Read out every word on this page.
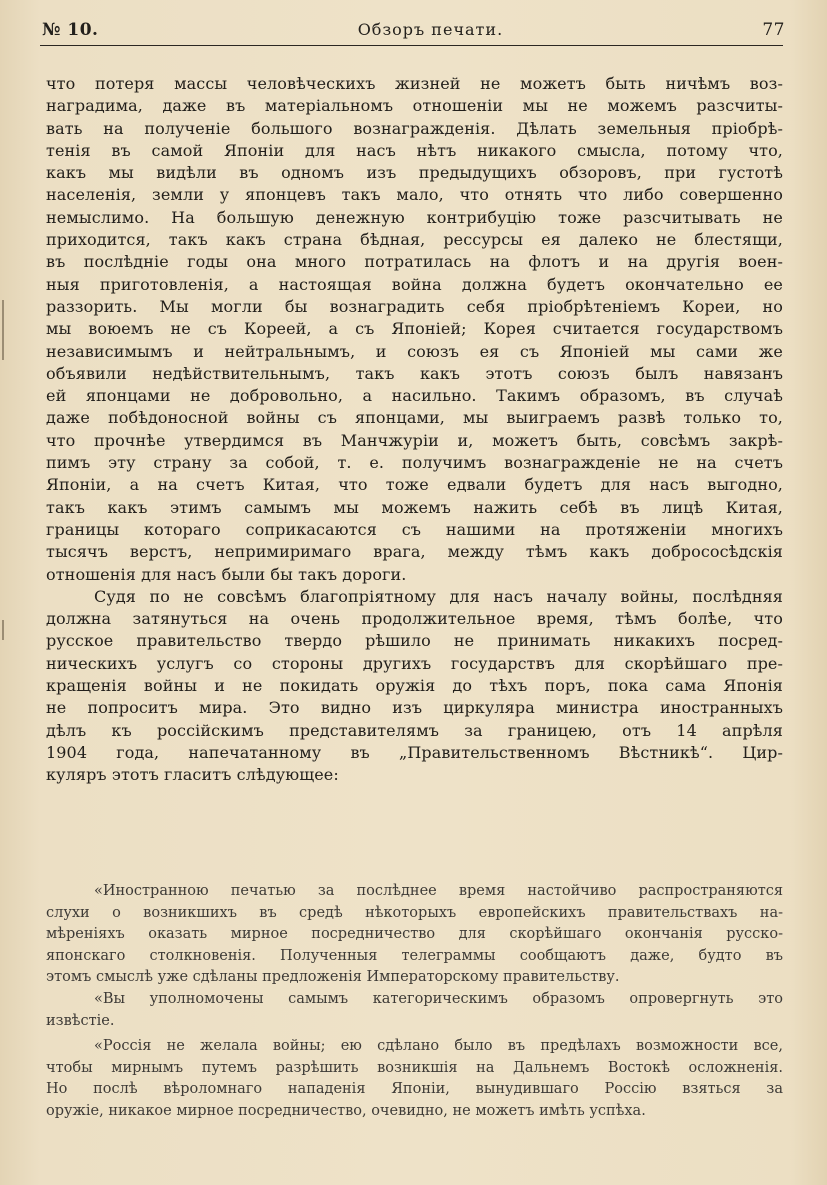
№ 10.	Обзоръ печати.	77
что потеря массы человѣческихъ жизней не можетъ быть ничѣмъ воз-
наградима, даже въ матеріальномъ отношеніи мы не можемъ разсчиты-
вать на полученіе большого вознагражденія. Дѣлать земельныя пріобрѣ-
тенія въ самой Японіи для насъ нѣтъ никакого смысла, потому что,
какъ мы видѣли въ одномъ изъ предыдущихъ обзоровъ, при густотѣ
населенія, земли у японцевъ такъ мало, что отнять что либо совершенно
немыслимо. На большую денежную контрибуцію тоже разсчитывать не
приходится, такъ какъ страна бѣдная, рессурсы ея далеко не блестящи,
въ послѣдніе годы она много потратилась на флотъ и на другія воен-
ныя приготовленія, а настоящая война должна будетъ окончательно ее
раззорить. Мы могли бы вознаградить себя пріобрѣтеніемъ Кореи, но
мы воюемъ не съ Кореей, а съ Японіей; Корея считается государствомъ
независимымъ и нейтральнымъ, и союзъ ея съ Японіей мы сами же
объявили недѣйствительнымъ, такъ какъ этотъ союзъ былъ навязанъ
ей японцами не добровольно, а насильно. Такимъ образомъ, въ случаѣ
даже побѣдоносной войны съ японцами, мы выиграемъ развѣ только то,
что прочнѣе утвердимся въ Манчжуріи и, можетъ быть, совсѣмъ закрѣ-
пимъ эту страну за собой, т. е. получимъ вознагражденіе не на счетъ
Японіи, а на счетъ Китая, что тоже едвали будетъ для насъ выгодно,
такъ какъ этимъ самымъ мы можемъ нажить себѣ въ лицѣ Китая,
границы котораго соприкасаются съ нашими на протяженіи многихъ
тысячъ верстъ, непримиримаго врага, между тѣмъ какъ добрососѣдскія
отношенія для насъ были бы такъ дороги.
Судя по не совсѣмъ благопріятному для насъ началу войны, послѣдняя
должна затянуться на очень продолжительное время, тѣмъ болѣе, что
русское правительство твердо рѣшило не принимать никакихъ посред-
ническихъ услугъ со стороны другихъ государствъ для скорѣйшаго пре-
кращенія войны и не покидать оружія до тѣхъ поръ, пока сама Японія
не попроситъ мира. Это видно изъ циркуляра министра иностранныхъ
дѣлъ къ россійскимъ представителямъ за границею, отъ 14 апрѣля
1904 года, напечатанному въ „Правительственномъ Вѣстникѣ“. Цир-
куляръ этотъ гласитъ слѣдующее:
«Иностранною печатью за послѣднее время настойчиво распространяются
слухи о возникшихъ въ средѣ нѣкоторыхъ европейскихъ правительствахъ на-
мѣреніяхъ оказать мирное посредничество для скорѣйшаго окончанія русско-
японскаго столкновенія. Полученныя телеграммы сообщаютъ даже, будто въ
этомъ смыслѣ уже сдѣланы предложенія Императорскому правительству.
«Вы уполномочены самымъ категорическимъ образомъ опровергнуть это
извѣстіе.
«Россія не желала войны; ею сдѣлано было въ предѣлахъ возможности все,
чтобы мирнымъ путемъ разрѣшить возникшія на Дальнемъ Востокѣ осложненія.
Но послѣ вѣроломнаго нападенія Японіи, вынудившаго Россію взяться за
оружіе, никакое мирное посредничество, очевидно, не можетъ имѣть успѣха.
